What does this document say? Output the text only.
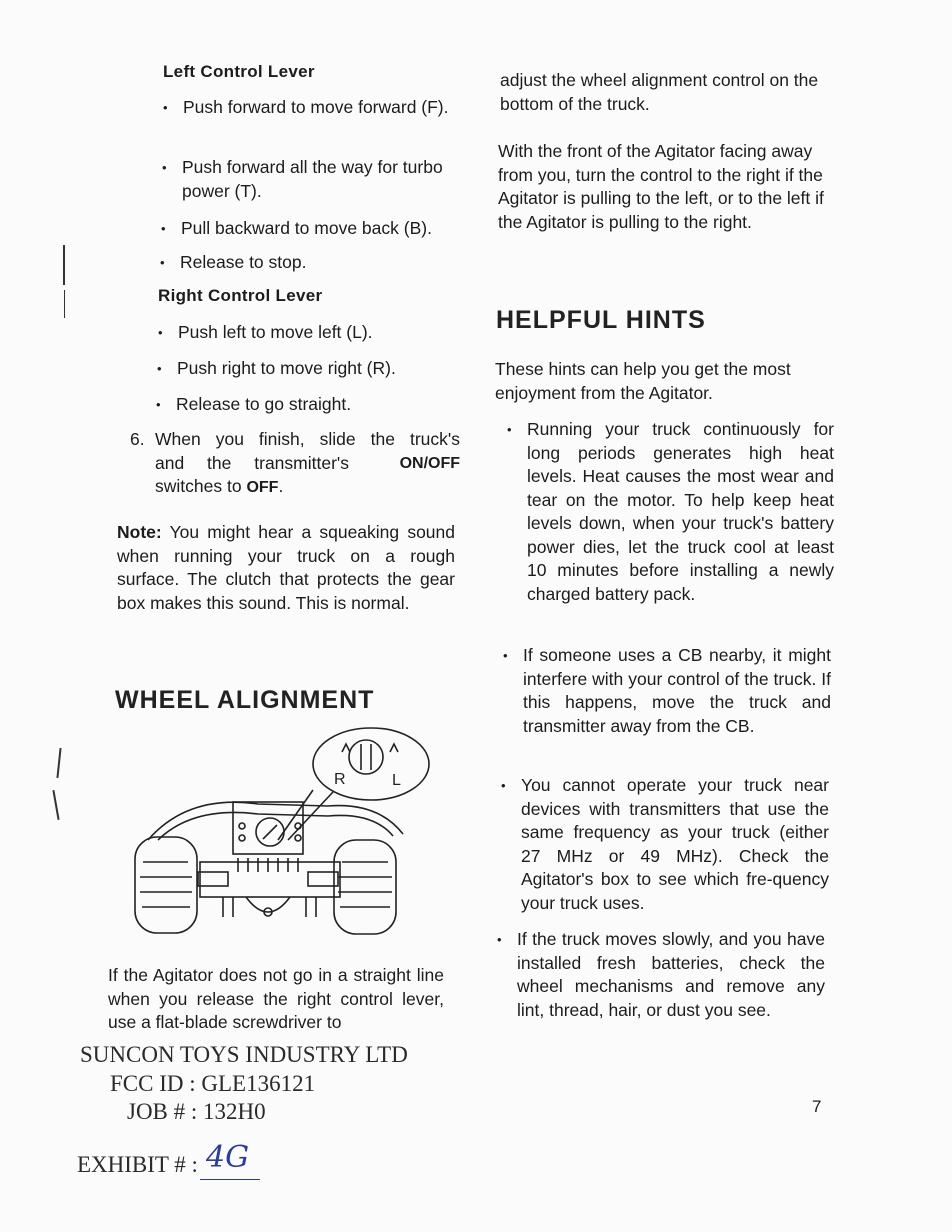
Left Control Lever
• Push forward to move forward (F).
• Push forward all the way for turbo power (T).
• Pull backward to move back (B).
• Release to stop.
Right Control Lever
• Push left to move left (L).
• Push right to move right (R).
• Release to go straight.
6. When you finish, slide the truck's
and the transmitter's	ON/OFF
switches to OFF.
Note: You might hear a squeaking sound when running your truck on a rough surface. The clutch that protects the gear box makes this sound. This is normal.
WHEEL ALIGNMENT
R	L
If the Agitator does not go in a straight line when you release the right control lever, use a flat-blade screwdriver to
adjust the wheel alignment control on the bottom of the truck.
With the front of the Agitator facing away from you, turn the control to the right if the Agitator is pulling to the left, or to the left if the Agitator is pulling to the right.
HELPFUL HINTS
These hints can help you get the most enjoyment from the Agitator.
• Running your truck continuously for long periods generates high heat levels. Heat causes the most wear and tear on the motor. To help keep heat levels down, when your truck's battery power dies, let the truck cool at least 10 minutes before installing a newly charged battery pack.
• If someone uses a CB nearby, it might interfere with your control of the truck. If this happens, move the truck and transmitter away from the CB.
• You cannot operate your truck near devices with transmitters that use the same frequency as your truck (either 27 MHz or 49 MHz). Check the Agitator's box to see which fre-quency your truck uses.
• If the truck moves slowly, and you have installed fresh batteries, check the wheel mechanisms and remove any lint, thread, hair, or dust you see.
SUNCON TOYS INDUSTRY LTD
FCC ID : GLE136121
JOB # : 132H0
EXHIBIT # : 4G
7
